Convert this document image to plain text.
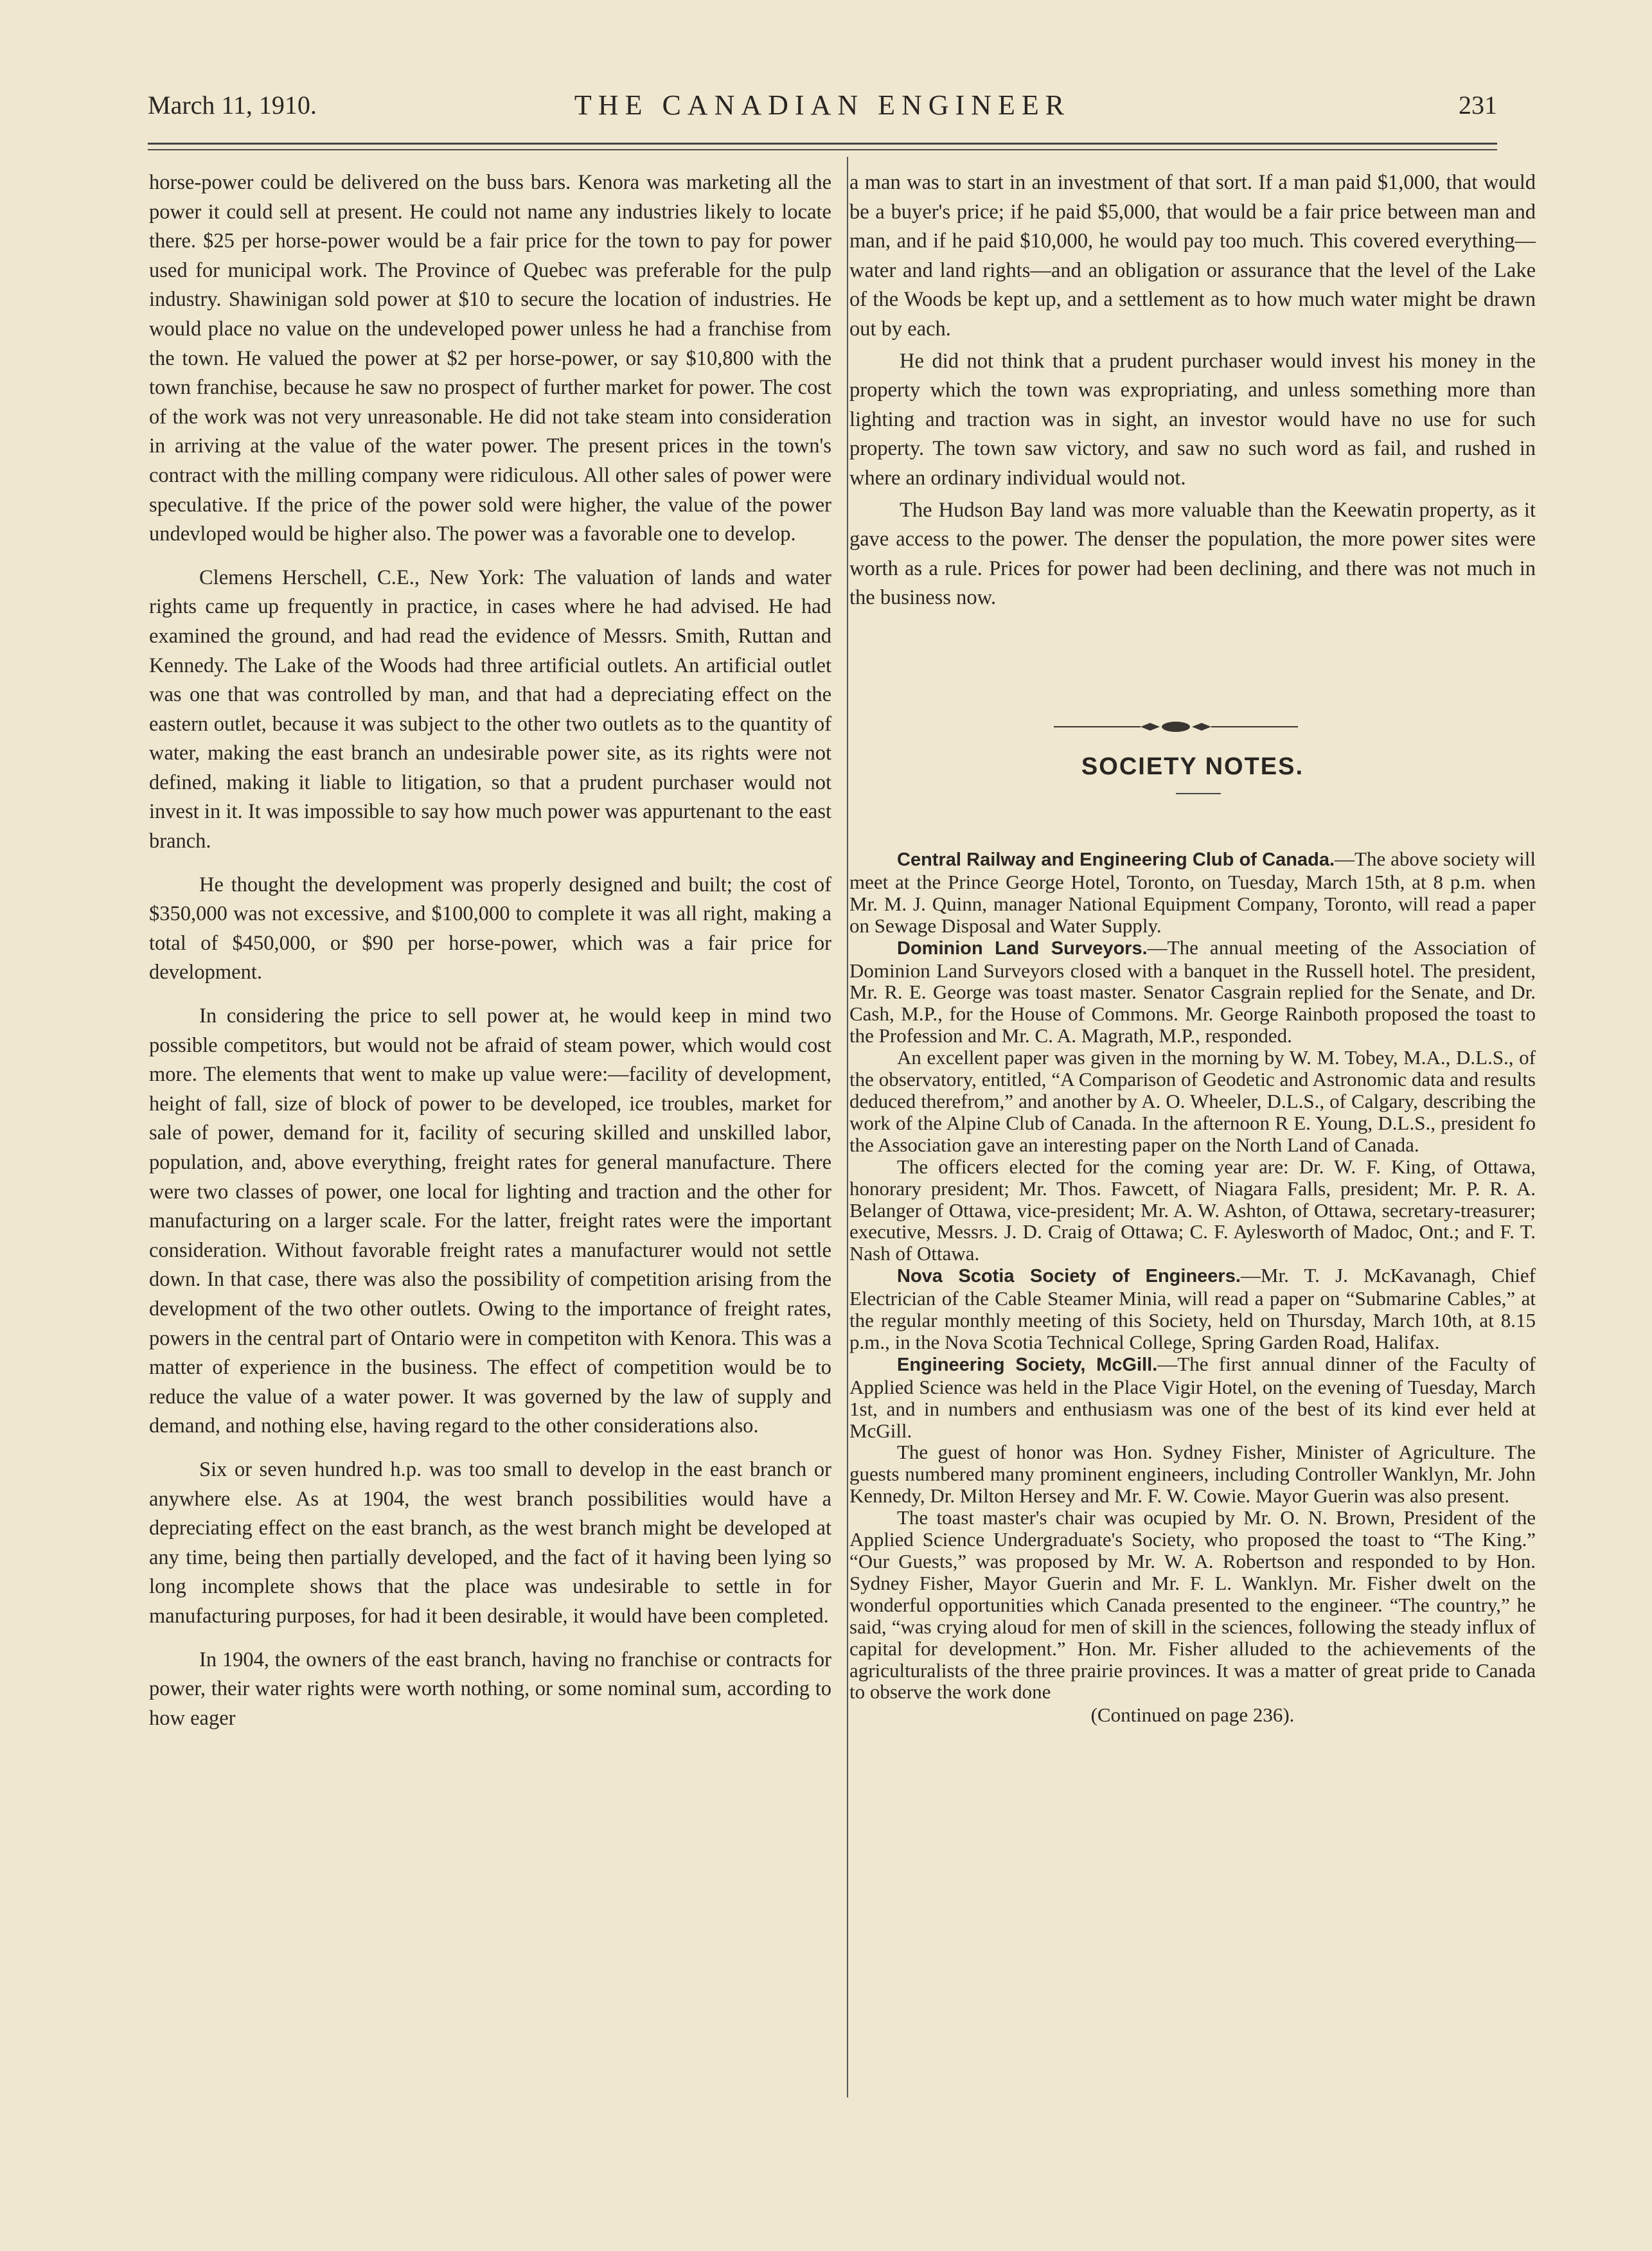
March 11, 1910.	THE CANADIAN ENGINEER	231

horse-power could be delivered on the buss bars. Kenora was marketing all the power it could sell at present. He could not name any industries likely to locate there. $25 per horse-power would be a fair price for the town to pay for power used for municipal work. The Province of Quebec was preferable for the pulp industry. Shawinigan sold power at $10 to secure the location of industries. He would place no value on the undeveloped power unless he had a franchise from the town. He valued the power at $2 per horse-power, or say $10,800 with the town franchise, because he saw no prospect of further market for power. The cost of the work was not very unreasonable. He did not take steam into consideration in arriving at the value of the water power. The present prices in the town's contract with the milling company were ridiculous. All other sales of power were speculative. If the price of the power sold were higher, the value of the power undevloped would be higher also. The power was a favorable one to develop.

Clemens Herschell, C.E., New York: The valuation of lands and water rights came up frequently in practice, in cases where he had advised. He had examined the ground, and had read the evidence of Messrs. Smith, Ruttan and Kennedy. The Lake of the Woods had three artificial outlets. An artificial outlet was one that was controlled by man, and that had a depreciating effect on the eastern outlet, because it was subject to the other two outlets as to the quantity of water, making the east branch an undesirable power site, as its rights were not defined, making it liable to litigation, so that a prudent purchaser would not invest in it. It was impossible to say how much power was appurtenant to the east branch.

He thought the development was properly designed and built; the cost of $350,000 was not excessive, and $100,000 to complete it was all right, making a total of $450,000, or $90 per horse-power, which was a fair price for development.

In considering the price to sell power at, he would keep in mind two possible competitors, but would not be afraid of steam power, which would cost more. The elements that went to make up value were:—facility of development, height of fall, size of block of power to be developed, ice troubles, market for sale of power, demand for it, facility of securing skilled and unskilled labor, population, and, above everything, freight rates for general manufacture. There were two classes of power, one local for lighting and traction and the other for manufacturing on a larger scale. For the latter, freight rates were the important consideration. Without favorable freight rates a manufacturer would not settle down. In that case, there was also the possibility of competition arising from the development of the two other outlets. Owing to the importance of freight rates, powers in the central part of Ontario were in competiton with Kenora. This was a matter of experience in the business. The effect of competition would be to reduce the value of a water power. It was governed by the law of supply and demand, and nothing else, having regard to the other considerations also.

Six or seven hundred h.p. was too small to develop in the east branch or anywhere else. As at 1904, the west branch possibilities would have a depreciating effect on the east branch, as the west branch might be developed at any time, being then partially developed, and the fact of it having been lying so long incomplete shows that the place was undesirable to settle in for manufacturing purposes, for had it been desirable, it would have been completed.

In 1904, the owners of the east branch, having no franchise or contracts for power, their water rights were worth nothing, or some nominal sum, according to how eager

a man was to start in an investment of that sort. If a man paid $1,000, that would be a buyer's price; if he paid $5,000, that would be a fair price between man and man, and if he paid $10,000, he would pay too much. This covered everything—water and land rights—and an obligation or assurance that the level of the Lake of the Woods be kept up, and a settlement as to how much water might be drawn out by each.

He did not think that a prudent purchaser would invest his money in the property which the town was expropriating, and unless something more than lighting and traction was in sight, an investor would have no use for such property. The town saw victory, and saw no such word as fail, and rushed in where an ordinary individual would not.

The Hudson Bay land was more valuable than the Keewatin property, as it gave access to the power. The denser the population, the more power sites were worth as a rule. Prices for power had been declining, and there was not much in the business now.

SOCIETY NOTES.

Central Railway and Engineering Club of Canada.—The above society will meet at the Prince George Hotel, Toronto, on Tuesday, March 15th, at 8 p.m. when Mr. M. J. Quinn, manager National Equipment Company, Toronto, will read a paper on Sewage Disposal and Water Supply.

Dominion Land Surveyors.—The annual meeting of the Association of Dominion Land Surveyors closed with a banquet in the Russell hotel. The president, Mr. R. E. George was toast master. Senator Casgrain replied for the Senate, and Dr. Cash, M.P., for the House of Commons. Mr. George Rainboth proposed the toast to the Profession and Mr. C. A. Magrath, M.P., responded.

An excellent paper was given in the morning by W. M. Tobey, M.A., D.L.S., of the observatory, entitled, “A Comparison of Geodetic and Astronomic data and results deduced therefrom,” and another by A. O. Wheeler, D.L.S., of Calgary, describing the work of the Alpine Club of Canada. In the afternoon R E. Young, D.L.S., president fo the Association gave an interesting paper on the North Land of Canada.

The officers elected for the coming year are: Dr. W. F. King, of Ottawa, honorary president; Mr. Thos. Fawcett, of Niagara Falls, president; Mr. P. R. A. Belanger of Ottawa, vice-president; Mr. A. W. Ashton, of Ottawa, secretary-treasurer; executive, Messrs. J. D. Craig of Ottawa; C. F. Aylesworth of Madoc, Ont.; and F. T. Nash of Ottawa.

Nova Scotia Society of Engineers.—Mr. T. J. McKavanagh, Chief Electrician of the Cable Steamer Minia, will read a paper on “Submarine Cables,” at the regular monthly meeting of this Society, held on Thursday, March 10th, at 8.15 p.m., in the Nova Scotia Technical College, Spring Garden Road, Halifax.

Engineering Society, McGill.—The first annual dinner of the Faculty of Applied Science was held in the Place Vigir Hotel, on the evening of Tuesday, March 1st, and in numbers and enthusiasm was one of the best of its kind ever held at McGill.

The guest of honor was Hon. Sydney Fisher, Minister of Agriculture. The guests numbered many prominent engineers, including Controller Wanklyn, Mr. John Kennedy, Dr. Milton Hersey and Mr. F. W. Cowie. Mayor Guerin was also present.

The toast master's chair was ocupied by Mr. O. N. Brown, President of the Applied Science Undergraduate's Society, who proposed the toast to “The King.” “Our Guests,” was proposed by Mr. W. A. Robertson and responded to by Hon. Sydney Fisher, Mayor Guerin and Mr. F. L. Wanklyn. Mr. Fisher dwelt on the wonderful opportunities which Canada presented to the engineer. “The country,” he said, “was crying aloud for men of skill in the sciences, following the steady influx of capital for development.” Hon. Mr. Fisher alluded to the achievements of the agriculturalists of the three prairie provinces. It was a matter of great pride to Canada to observe the work done

(Continued on page 236).
